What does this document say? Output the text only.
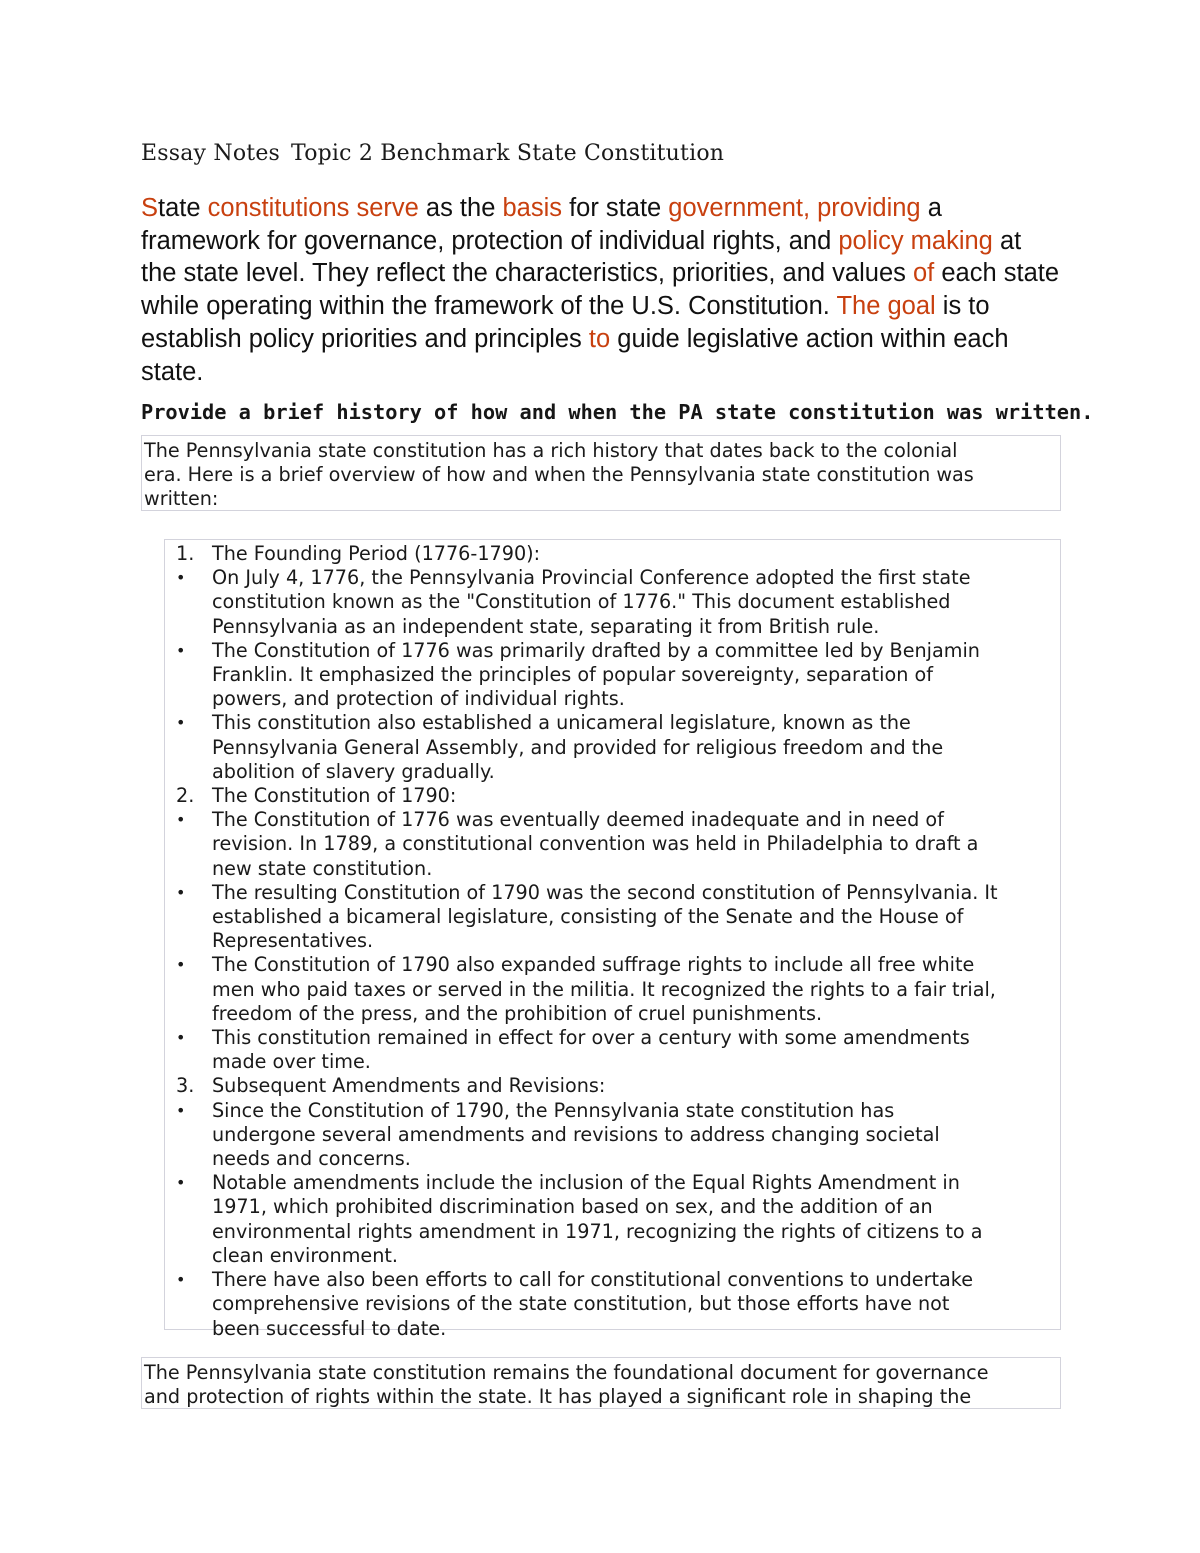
Essay Notes Topic 2 Benchmark State Constitution
State constitutions serve as the basis for state government, providing a framework for governance, protection of individual rights, and policy making at the state level. They reflect the characteristics, priorities, and values of each state while operating within the framework of the U.S. Constitution. The goal is to establish policy priorities and principles to guide legislative action within each state.
Provide a brief history of how and when the PA state constitution was written.

The Pennsylvania state constitution has a rich history that dates back to the colonial

era. Here is a brief overview of how and when the Pennsylvania state constitution was

written:

1. The Founding Period (1776-1790):
•	On July 4, 1776, the Pennsylvania Provincial Conference adopted the first state
constitution known as the "Constitution of 1776." This document established
Pennsylvania as an independent state, separating it from British rule.
•	The Constitution of 1776 was primarily drafted by a committee led by Benjamin
Franklin. It emphasized the principles of popular sovereignty, separation of
powers, and protection of individual rights.
•	This constitution also established a unicameral legislature, known as the
Pennsylvania General Assembly, and provided for religious freedom and the
abolition of slavery gradually.
2. The Constitution of 1790:
•	The Constitution of 1776 was eventually deemed inadequate and in need of
revision. In 1789, a constitutional convention was held in Philadelphia to draft a
new state constitution.
•	The resulting Constitution of 1790 was the second constitution of Pennsylvania. It
established a bicameral legislature, consisting of the Senate and the House of
Representatives.
•	The Constitution of 1790 also expanded suffrage rights to include all free white
men who paid taxes or served in the militia. It recognized the rights to a fair trial,
freedom of the press, and the prohibition of cruel punishments.
•	This constitution remained in effect for over a century with some amendments
made over time.
3. Subsequent Amendments and Revisions:
•	Since the Constitution of 1790, the Pennsylvania state constitution has
undergone several amendments and revisions to address changing societal
needs and concerns.
•	Notable amendments include the inclusion of the Equal Rights Amendment in
1971, which prohibited discrimination based on sex, and the addition of an
environmental rights amendment in 1971, recognizing the rights of citizens to a
clean environment.
•	There have also been efforts to call for constitutional conventions to undertake
comprehensive revisions of the state constitution, but those efforts have not
been successful to date.

The Pennsylvania state constitution remains the foundational document for governance

and protection of rights within the state. It has played a significant role in shaping the
